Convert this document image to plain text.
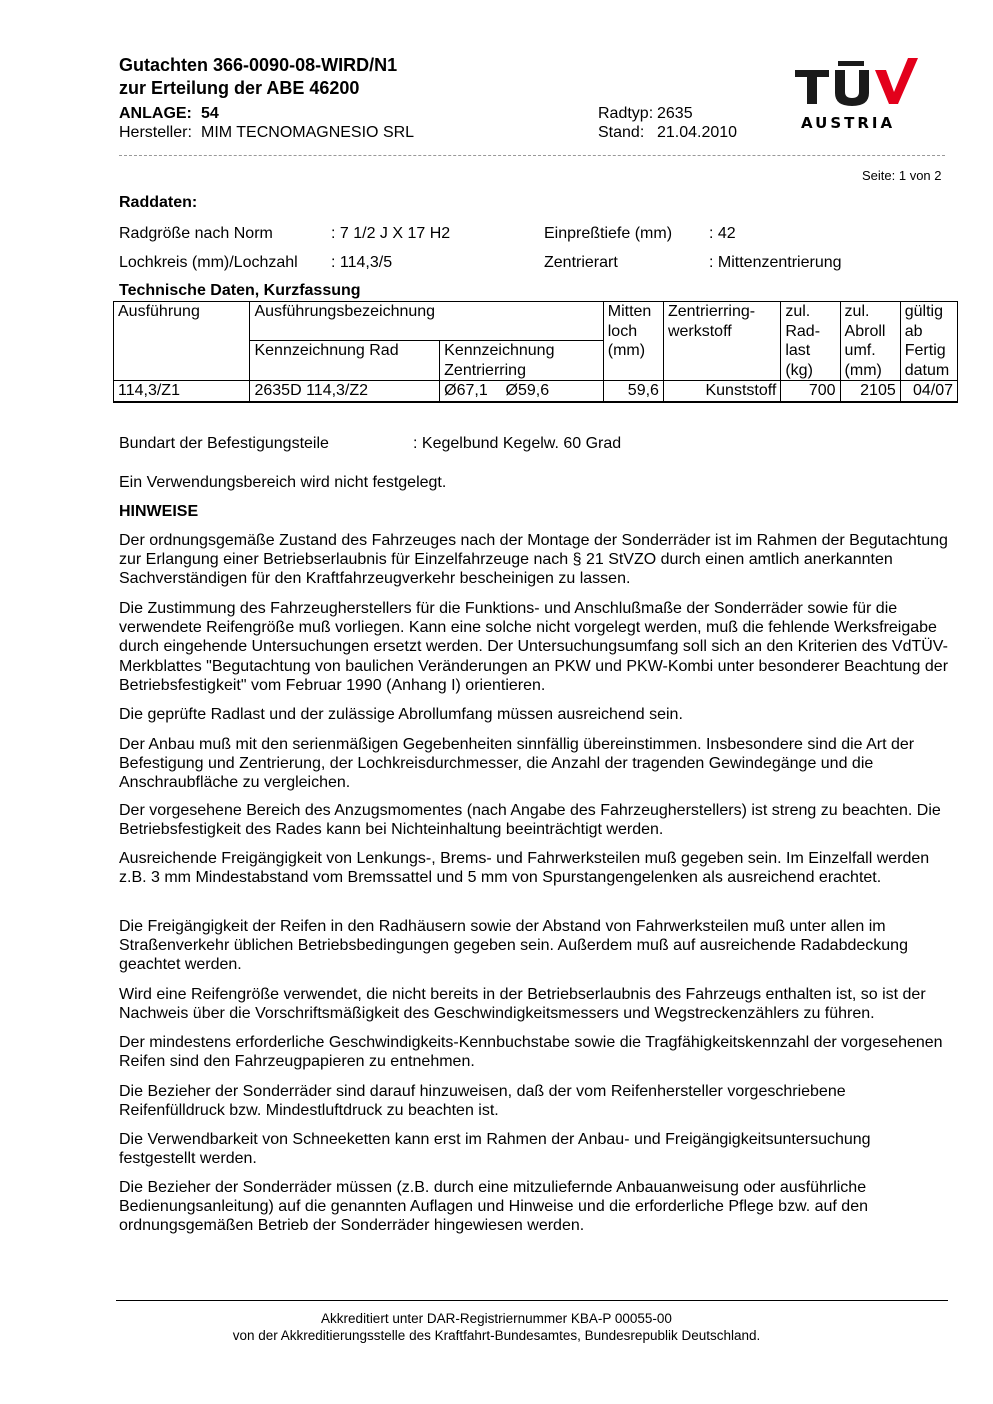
Gutachten 366-0090-08-WIRD/N1
zur Erteilung der ABE 46200
ANLAGE: 54
Hersteller: MIM TECNOMAGNESIO SRL
Radtyp: 2635
Stand: 21.04.2010
AUSTRIA
Seite: 1 von 2
Raddaten:
Radgröße nach Norm	: 7 1/2 J X 17 H2	Einpreßtiefe (mm) : 42
Lochkreis (mm)/Lochzahl : 114,3/5	Zentrierart	: Mittenzentrierung
Technische Daten, Kurzfassung
Ausführung	Ausführungsbezeichnung		Mitten loch (mm)	Zentrierring-werkstoff	zul. Rad-last (kg)	zul. Abroll umf. (mm)	gültig ab Fertig datum
	Kennzeichnung Rad	Kennzeichnung Zentrierring					
114,3/Z1	2635D 114,3/Z2	Ø67,1    Ø59,6	59,6	Kunststoff	700	2105	04/07
Bundart der Befestigungsteile	: Kegelbund Kegelw. 60 Grad
Ein Verwendungsbereich wird nicht festgelegt.
HINWEISE
Der ordnungsgemäße Zustand des Fahrzeuges nach der Montage der Sonderräder ist im Rahmen der Begutachtung zur Erlangung einer Betriebserlaubnis für Einzelfahrzeuge nach § 21 StVZO durch einen amtlich anerkannten Sachverständigen für den Kraftfahrzeugverkehr bescheinigen zu lassen.
Die Zustimmung des Fahrzeugherstellers für die Funktions- und Anschlußmaße der Sonderräder sowie für die verwendete Reifengröße muß vorliegen. Kann eine solche nicht vorgelegt werden, muß die fehlende Werksfreigabe durch eingehende Untersuchungen ersetzt werden. Der Untersuchungsumfang soll sich an den Kriterien des VdTÜV-Merkblattes "Begutachtung von baulichen Veränderungen an PKW und PKW-Kombi unter besonderer Beachtung der Betriebsfestigkeit" vom Februar 1990 (Anhang I) orientieren.
Die geprüfte Radlast und der zulässige Abrollumfang müssen ausreichend sein.
Der Anbau muß mit den serienmäßigen Gegebenheiten sinnfällig übereinstimmen. Insbesondere sind die Art der Befestigung und Zentrierung, der Lochkreisdurchmesser, die Anzahl der tragenden Gewindegänge und die Anschraubfläche zu vergleichen.
Der vorgesehene Bereich des Anzugsmomentes (nach Angabe des Fahrzeugherstellers) ist streng zu beachten. Die Betriebsfestigkeit des Rades kann bei Nichteinhaltung beeinträchtigt werden.
Ausreichende Freigängigkeit von Lenkungs-, Brems- und Fahrwerksteilen muß gegeben sein. Im Einzelfall werden z.B. 3 mm Mindestabstand vom Bremssattel und 5 mm von Spurstangengelenken als ausreichend erachtet.
Die Freigängigkeit der Reifen in den Radhäusern sowie der Abstand von Fahrwerksteilen muß unter allen im Straßenverkehr üblichen Betriebsbedingungen gegeben sein. Außerdem muß auf ausreichende Radabdeckung geachtet werden.
Wird eine Reifengröße verwendet, die nicht bereits in der Betriebserlaubnis des Fahrzeugs enthalten ist, so ist der Nachweis über die Vorschriftsmäßigkeit des Geschwindigkeitsmessers und Wegstreckenzählers zu führen.
Der mindestens erforderliche Geschwindigkeits-Kennbuchstabe sowie die Tragfähigkeitskennzahl der vorgesehenen Reifen sind den Fahrzeugpapieren zu entnehmen.
Die Bezieher der Sonderräder sind darauf hinzuweisen, daß der vom Reifenhersteller vorgeschriebene Reifenfülldruck bzw. Mindestluftdruck zu beachten ist.
Die Verwendbarkeit von Schneeketten kann erst im Rahmen der Anbau- und Freigängigkeitsuntersuchung festgestellt werden.
Die Bezieher der Sonderräder müssen (z.B. durch eine mitzuliefernde Anbauanweisung oder ausführliche Bedienungsanleitung) auf die genannten Auflagen und Hinweise und die erforderliche Pflege bzw. auf den ordnungsgemäßen Betrieb der Sonderräder hingewiesen werden.
Akkreditiert unter DAR-Registriernummer KBA-P 00055-00
von der Akkreditierungsstelle des Kraftfahrt-Bundesamtes, Bundesrepublik Deutschland.
